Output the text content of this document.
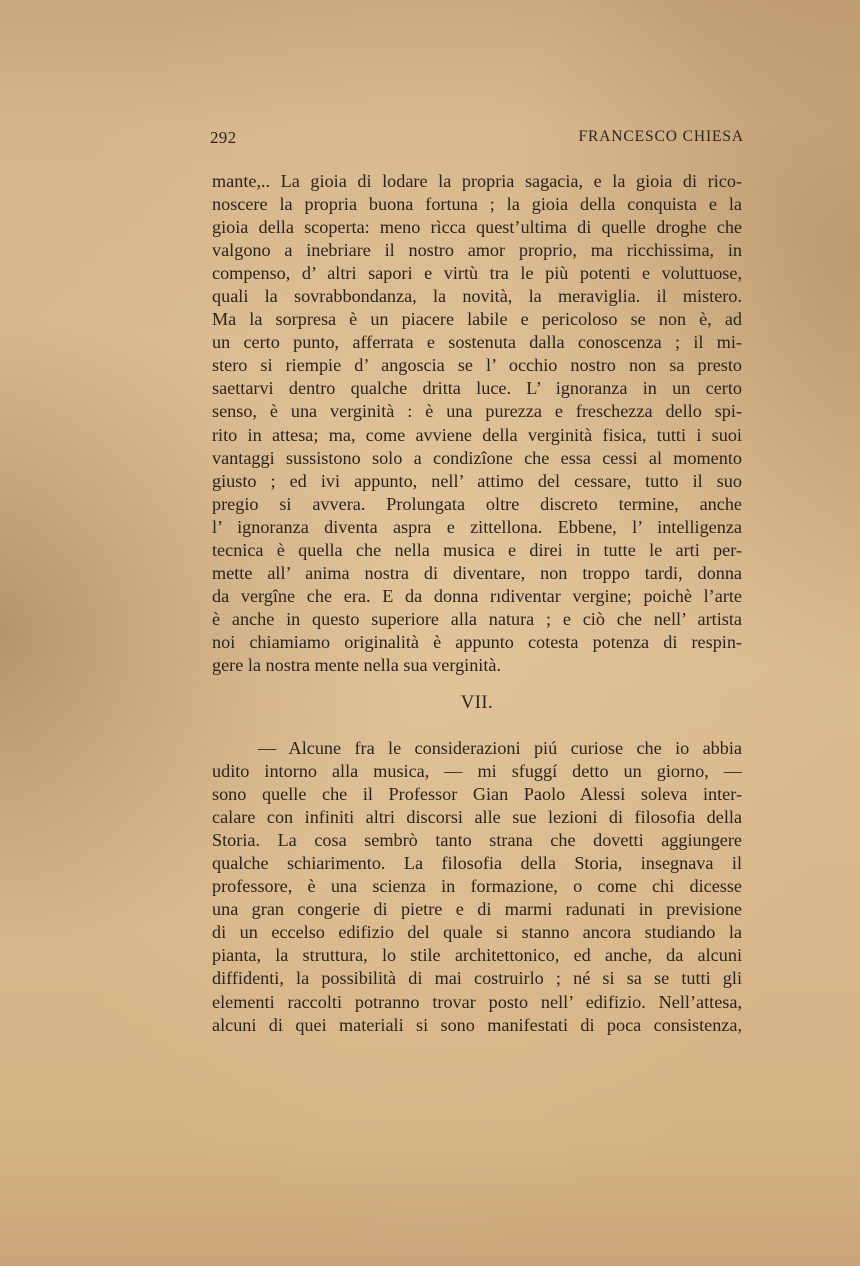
292	FRANCESCO CHIESA
mante,.. La gioia di lodare la propria sagacia, e la gioia di rico-
noscere la propria buona fortuna ; la gioia della conquista e la
gioia della scoperta: meno rìcca quest’ultima di quelle droghe che
valgono a inebriare il nostro amor proprio, ma ricchissima, in
compenso, d’ altri sapori e virtù tra le più potenti e voluttuose,
quali la sovrabbondanza, la novità, la meraviglia. il mistero.
Ma la sorpresa è un piacere labile e pericoloso se non è, ad
un certo punto, afferrata e sostenuta dalla conoscenza ; il mi-
stero si riempie d’ angoscia se l’ occhio nostro non sa presto
saettarvi dentro qualche dritta luce. L’ ignoranza in un certo
senso, è una verginità : è una purezza e freschezza dello spi-
rito in attesa; ma, come avviene della verginità fisica, tutti i suoi
vantaggi sussistono solo a condizîone che essa cessi al momento
giusto ; ed ivi appunto, nell’ attimo del cessare, tutto il suo
pregio si avvera. Prolungata oltre discreto termine, anche
l’ ignoranza diventa aspra e zittellona. Ebbene, l’ intelligenza
tecnica è quella che nella musica e direi in tutte le arti per-
mette all’ anima nostra di diventare, non troppo tardi, donna
da vergîne che era. E da donna rıdiventar vergine; poichè l’arte
è anche in questo superiore alla natura ; e ciò che nell’ artista
noi chiamiamo originalità è appunto cotesta potenza di respin-
gere la nostra mente nella sua verginità.
VII.
— Alcune fra le considerazioni piú curiose che io abbia
udito intorno alla musica, — mi sfuggí detto un giorno, —
sono quelle che il Professor Gian Paolo Alessi soleva inter-
calare con infiniti altri discorsi alle sue lezioni di filosofia della
Storia. La cosa sembrò tanto strana che dovetti aggiungere
qualche schiarimento. La filosofia della Storia, insegnava il
professore, è una scienza in formazione, o come chi dicesse
una gran congerie di pietre e di marmi radunati in previsione
di un eccelso edifizio del quale si stanno ancora studiando la
pianta, la struttura, lo stile architettonico, ed anche, da alcuni
diffidenti, la possibilità di mai costruirlo ; né si sa se tutti gli
elementi raccolti potranno trovar posto nell’ edifizio. Nell’attesa,
alcuni di quei materiali si sono manifestati di poca consistenza,
